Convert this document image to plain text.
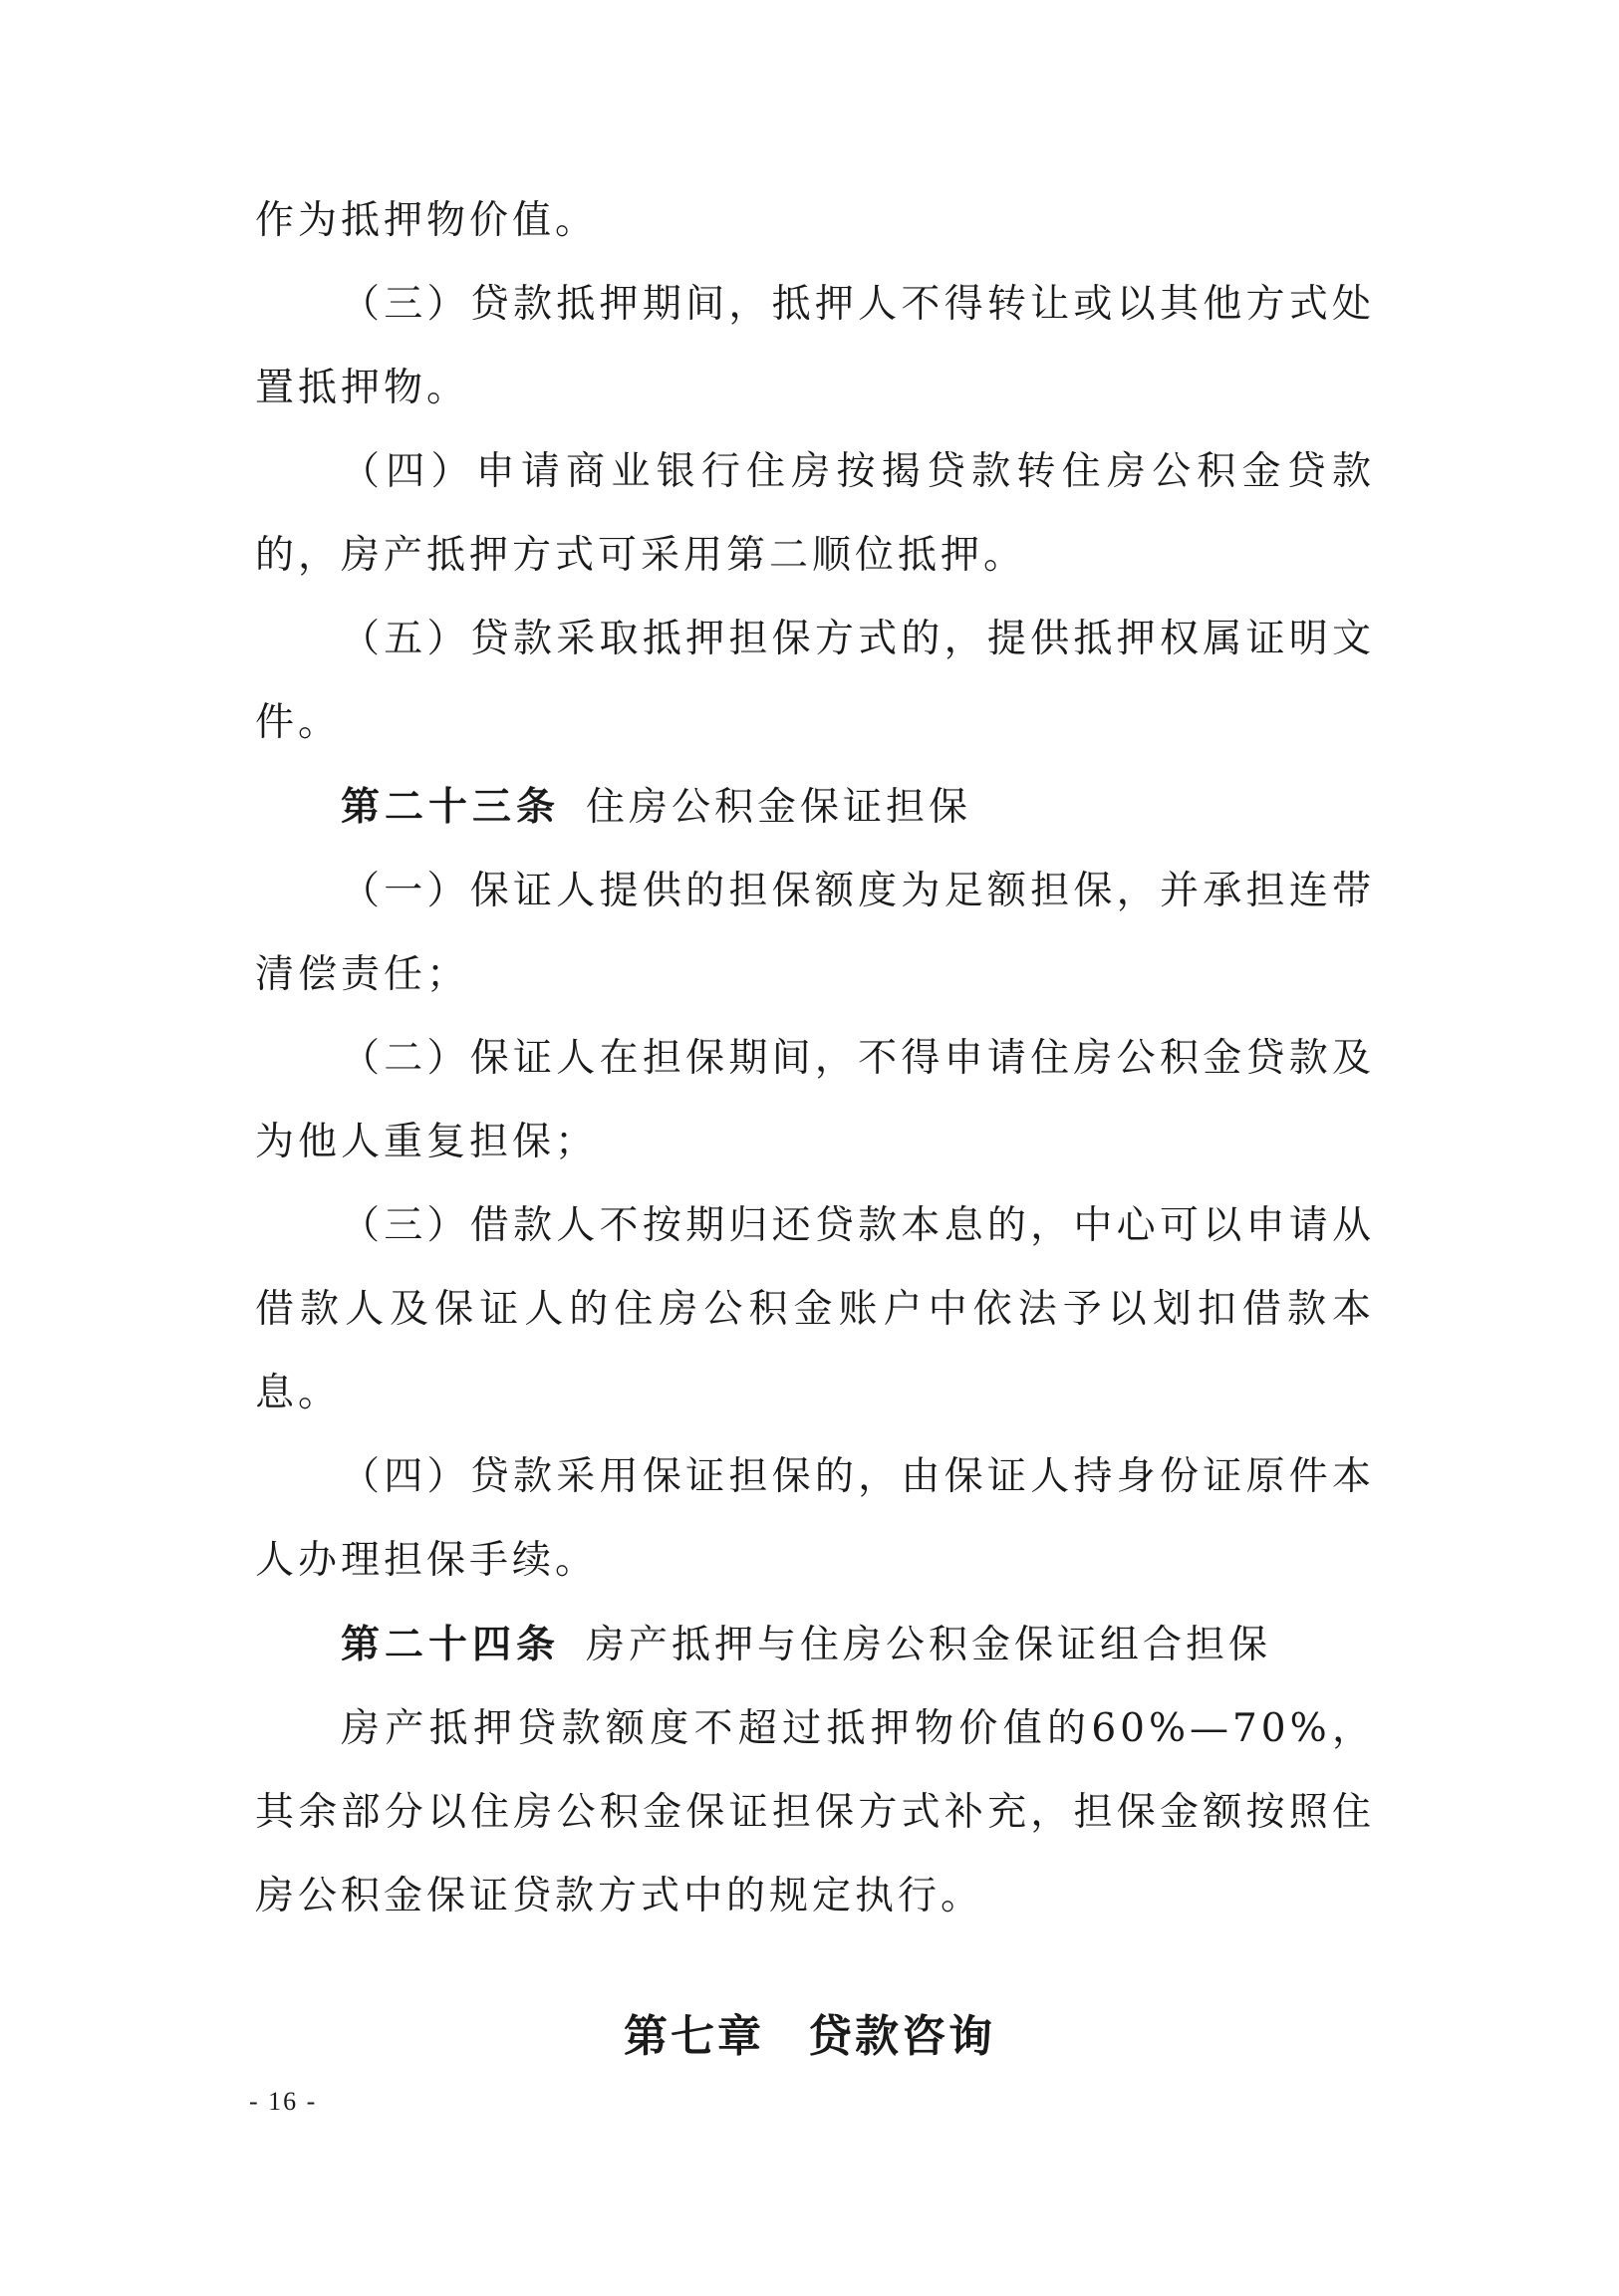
作为抵押物价值。

（三）贷款抵押期间，抵押人不得转让或以其他方式处置抵押物。

（四）申请商业银行住房按揭贷款转住房公积金贷款的，房产抵押方式可采用第二顺位抵押。

（五）贷款采取抵押担保方式的，提供抵押权属证明文件。

第二十三条 住房公积金保证担保

（一）保证人提供的担保额度为足额担保，并承担连带清偿责任；

（二）保证人在担保期间，不得申请住房公积金贷款及为他人重复担保；

（三）借款人不按期归还贷款本息的，中心可以申请从借款人及保证人的住房公积金账户中依法予以划扣借款本息。

（四）贷款采用保证担保的，由保证人持身份证原件本人办理担保手续。

第二十四条 房产抵押与住房公积金保证组合担保

房产抵押贷款额度不超过抵押物价值的60%—70%，其余部分以住房公积金保证担保方式补充，担保金额按照住房公积金保证贷款方式中的规定执行。

第七章 贷款咨询
- 16 -
